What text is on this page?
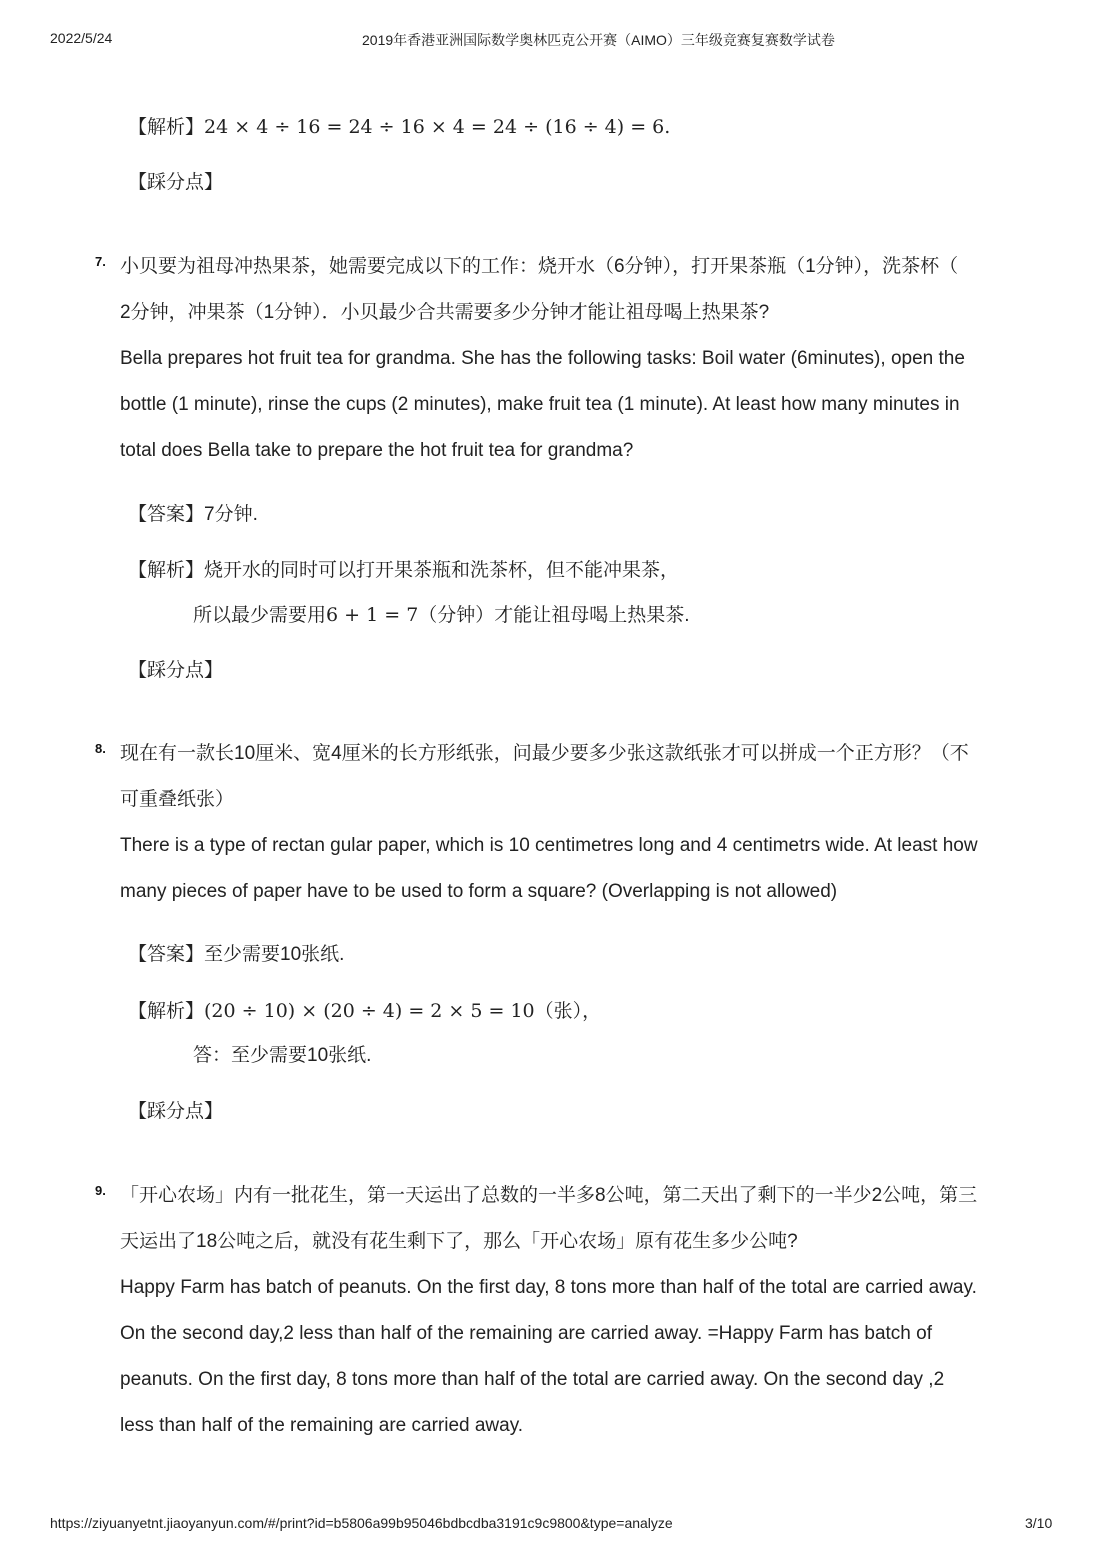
2022/5/24	2019年香港亚洲国际数学奥林匹克公开赛（AIMO）三年级竞赛复赛数学试卷
【解析】24 × 4 ÷ 16 = 24 ÷ 16 × 4 = 24 ÷ (16 ÷ 4) = 6.
【踩分点】
7. 小贝要为祖母冲热果茶，她需要完成以下的工作：烧开水（6分钟），打开果茶瓶（1分钟），洗茶杯（
2分钟，冲果茶（1分钟）．小贝最少合共需要多少分钟才能让祖母喝上热果茶?
Bella prepares hot fruit tea for grandma. She has the following tasks: Boil water (6minutes), open the
bottle (1 minute), rinse the cups (2 minutes), make fruit tea (1 minute). At least how many minutes in
total does Bella take to prepare the hot fruit tea for grandma?
【答案】7分钟.
【解析】烧开水的同时可以打开果茶瓶和洗茶杯，但不能冲果茶，
所以最少需要用6 + 1 = 7（分钟）才能让祖母喝上热果茶.
【踩分点】
8. 现在有一款长10厘米、宽4厘米的长方形纸张，问最少要多少张这款纸张才可以拼成一个正方形？（不
可重叠纸张）
There is a type of rectan gular paper, which is 10 centimetres long and 4 centimetrs wide. At least how
many pieces of paper have to be used to form a square? (Overlapping is not allowed)
【答案】至少需要10张纸.
【解析】(20 ÷ 10) × (20 ÷ 4) = 2 × 5 = 10（张），
答：至少需要10张纸.
【踩分点】
9. 「开心农场」内有一批花生，第一天运出了总数的一半多8公吨，第二天出了剩下的一半少2公吨，第三
天运出了18公吨之后，就没有花生剩下了，那么「开心农场」原有花生多少公吨?
Happy Farm has batch of peanuts. On the first day, 8 tons more than half of the total are carried away.
On the second day,2 less than half of the remaining are carried away. =Happy Farm has batch of
peanuts. On the first day, 8 tons more than half of the total are carried away. On the second day ,2
less than half of the remaining are carried away.
https://ziyuanyetnt.jiaoyanyun.com/#/print?id=b5806a99b95046bdbcdba3191c9c9800&type=analyze	3/10
